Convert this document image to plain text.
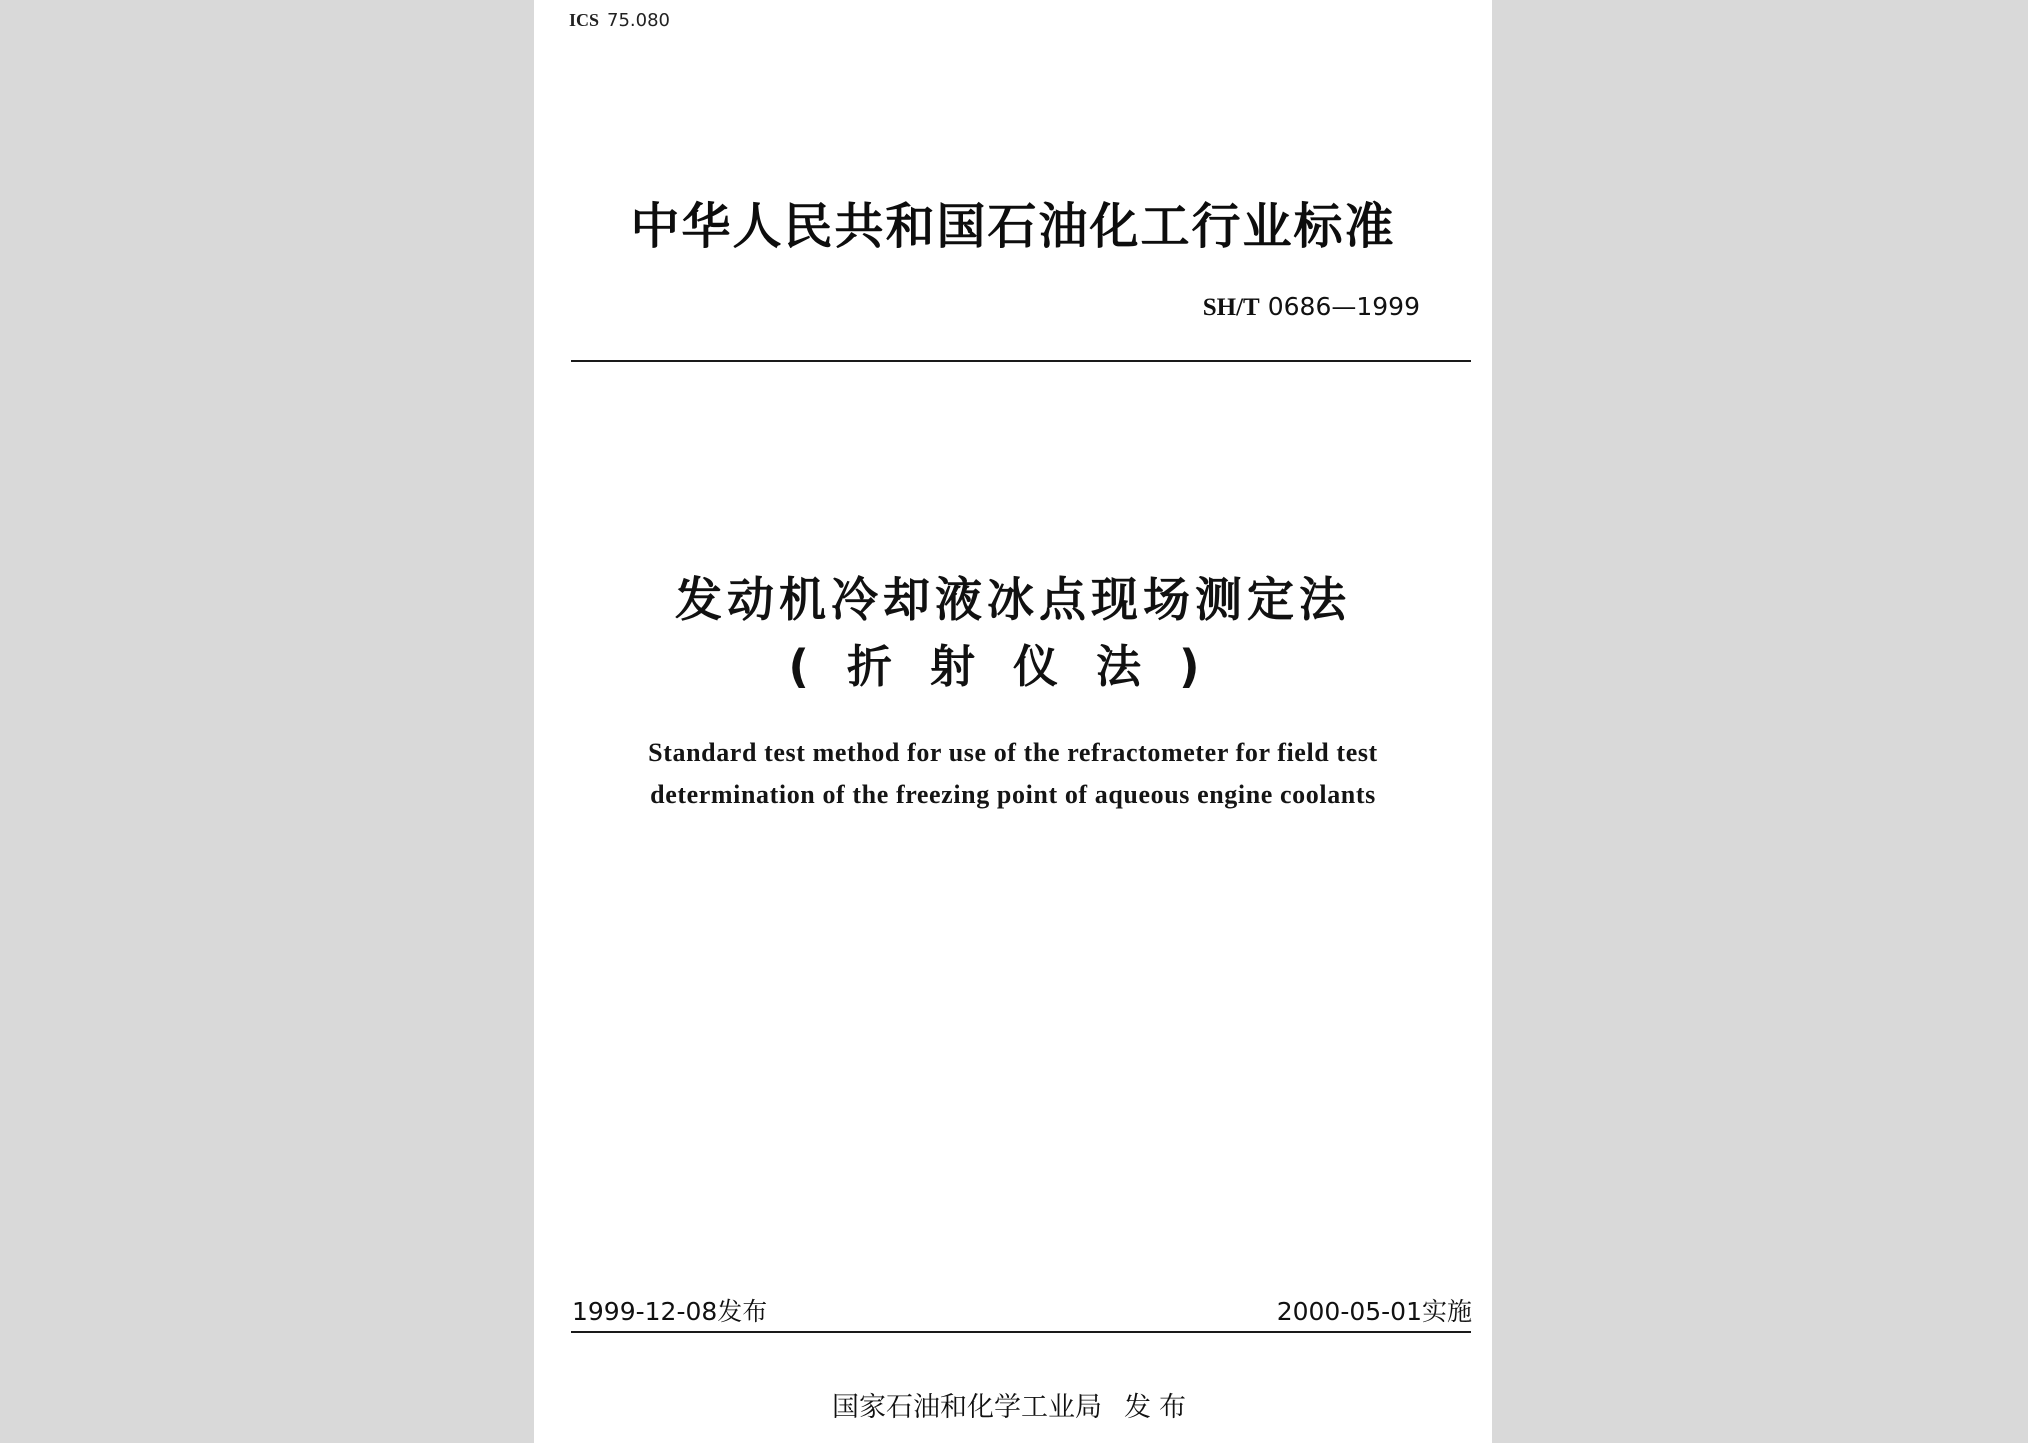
ICS 75.080
中华人民共和国石油化工行业标准
SH/T 0686—1999
发动机冷却液冰点现场测定法
(折射仪法)
Standard test method for use of the refractometer for field test
determination of the freezing point of aqueous engine coolants
1999-12-08发布	2000-05-01实施
国家石油和化学工业局 发布
